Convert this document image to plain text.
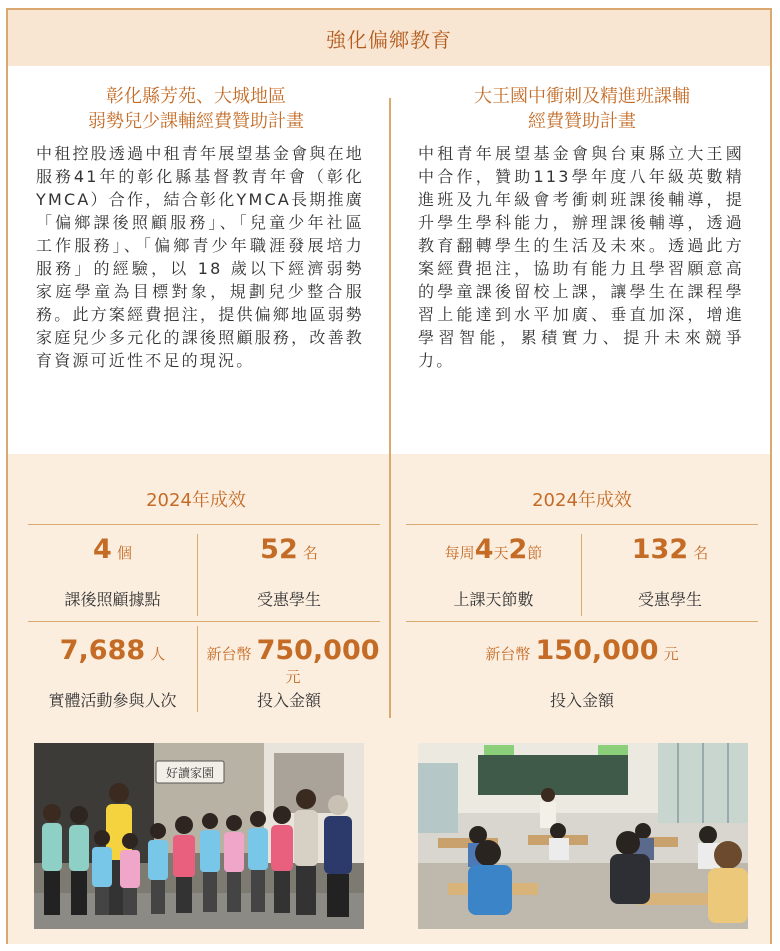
強化偏鄉教育
彰化縣芳苑、大城地區
弱勢兒少課輔經費贊助計畫
中租控股透過中租青年展望基金會與在地服務41年的彰化縣基督教青年會（彰化YMCA）合作，結合彰化YMCA長期推廣「偏鄉課後照顧服務」、「兒童少年社區工作服務」、「偏鄉青少年職涯發展培力服務」的經驗，以 18 歲以下經濟弱勢家庭學童為目標對象，規劃兒少整合服務。此方案經費挹注，提供偏鄉地區弱勢家庭兒少多元化的課後照顧服務，改善教育資源可近性不足的現況。
大王國中衝刺及精進班課輔
經費贊助計畫
中租青年展望基金會與台東縣立大王國中合作，贊助113學年度八年級英數精進班及九年級會考衝刺班課後輔導，提升學生學科能力，辦理課後輔導，透過教育翻轉學生的生活及未來。透過此方案經費挹注，協助有能力且學習願意高的學童課後留校上課，讓學生在課程學習上能達到水平加廣、垂直加深，增進學習智能，累積實力、提升未來競爭力。
2024年成效
4 個
課後照顧據點
52 名
受惠學生
7,688 人
實體活動參與人次
新台幣 750,000 元
投入金額
2024年成效
每周4天2節
上課天節數
132 名
受惠學生
新台幣 150,000 元
投入金額
好讀家園
